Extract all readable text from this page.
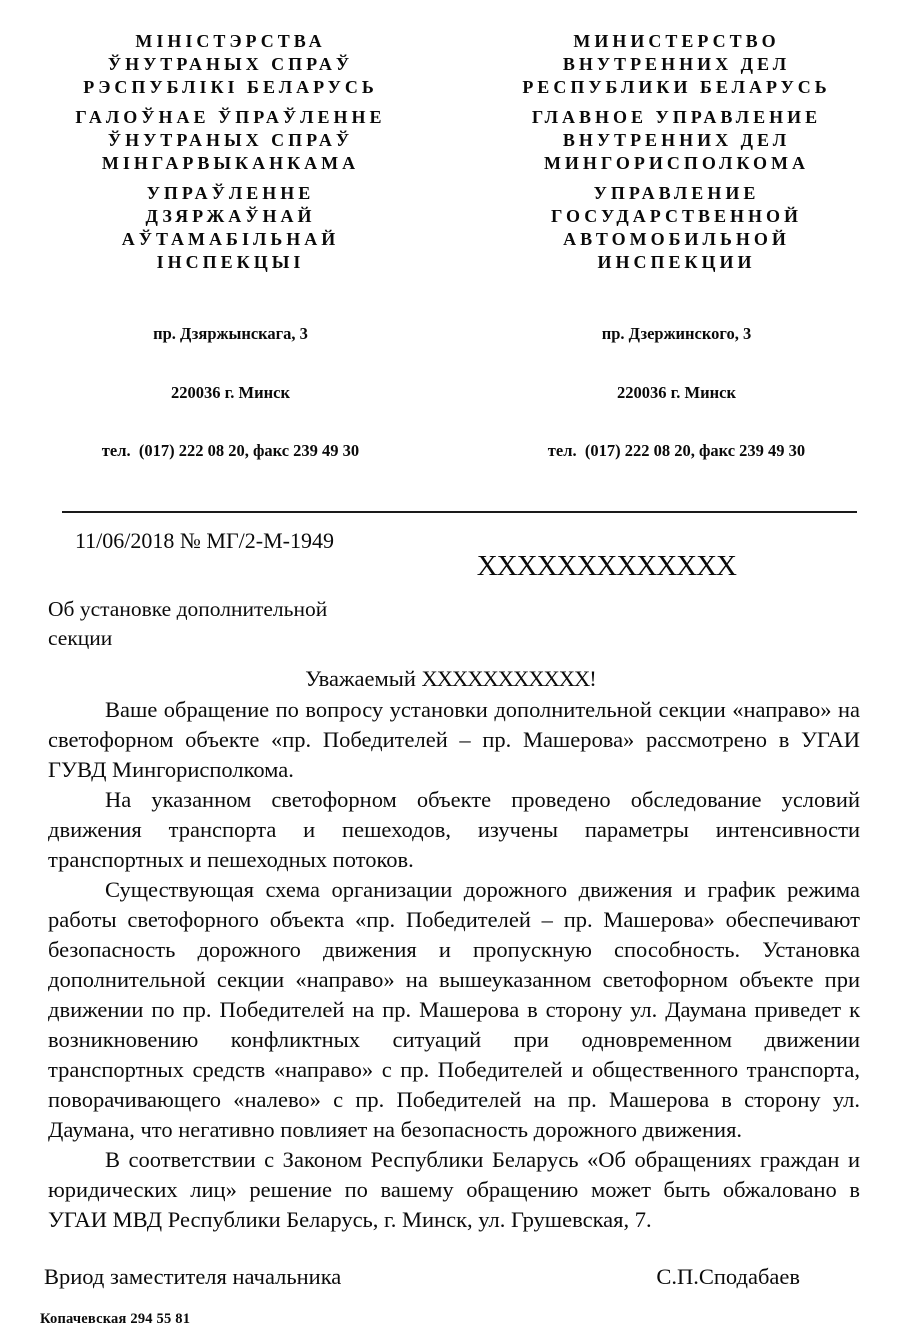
МІНІСТЭРСТВА
ЎНУТРАНЫХ СПРАЎ
РЭСПУБЛІКІ БЕЛАРУСЬ
ГАЛОЎНАЕ ЎПРАЎЛЕННЕ
ЎНУТРАНЫХ СПРАЎ
МІНГАРВЫКАНКАМА
УПРАЎЛЕННЕ
ДЗЯРЖАЎНАЙ
АЎТАМАБІЛЬНАЙ
ІНСПЕКЦЫІ

пр. Дзяржынскага, 3

220036 г. Минск

тел.  (017) 222 08 20, факс 239 49 30

МИНИСТЕРСТВО
ВНУТРЕННИХ ДЕЛ
РЕСПУБЛИКИ БЕЛАРУСЬ
ГЛАВНОЕ УПРАВЛЕНИЕ
ВНУТРЕННИХ ДЕЛ
МИНГОРИСПОЛКОМА
УПРАВЛЕНИЕ
ГОСУДАРСТВЕННОЙ
АВТОМОБИЛЬНОЙ
ИНСПЕКЦИИ

пр. Дзержинского, 3

220036 г. Минск

тел.  (017) 222 08 20, факс 239 49 30

11/06/2018 № МГ/2-М-1949
XXXXXXXXXXXXX
Об установке дополнительной
секции
Уважаемый XXXXXXXXXXX!

Ваше обращение по вопросу установки дополнительной секции «направо» на светофорном объекте «пр. Победителей – пр. Машерова» рассмотрено в УГАИ ГУВД Мингорисполкома.

На указанном светофорном объекте проведено обследование условий движения транспорта и пешеходов, изучены параметры интенсивности транспортных и пешеходных потоков.

Существующая схема организации дорожного движения и график режима работы светофорного объекта «пр. Победителей – пр. Машерова» обеспечивают безопасность дорожного движения и пропускную способность. Установка дополнительной секции «направо» на вышеуказанном светофорном объекте при движении по пр. Победителей на пр. Машерова в сторону ул. Даумана приведет к возникновению конфликтных ситуаций при одновременном движении транспортных средств «направо» с пр. Победителей и общественного транспорта, поворачивающего «налево» с пр. Победителей на пр. Машерова в сторону ул. Даумана, что негативно повлияет на безопасность дорожного движения.

В соответствии с Законом Республики Беларусь «Об обращениях граждан и юридических лиц» решение по вашему обращению может быть обжаловано в УГАИ МВД Республики Беларусь, г. Минск, ул. Грушевская, 7.

Вриод заместителя начальника	С.П.Сподабаев
Копачевская 294 55 81
